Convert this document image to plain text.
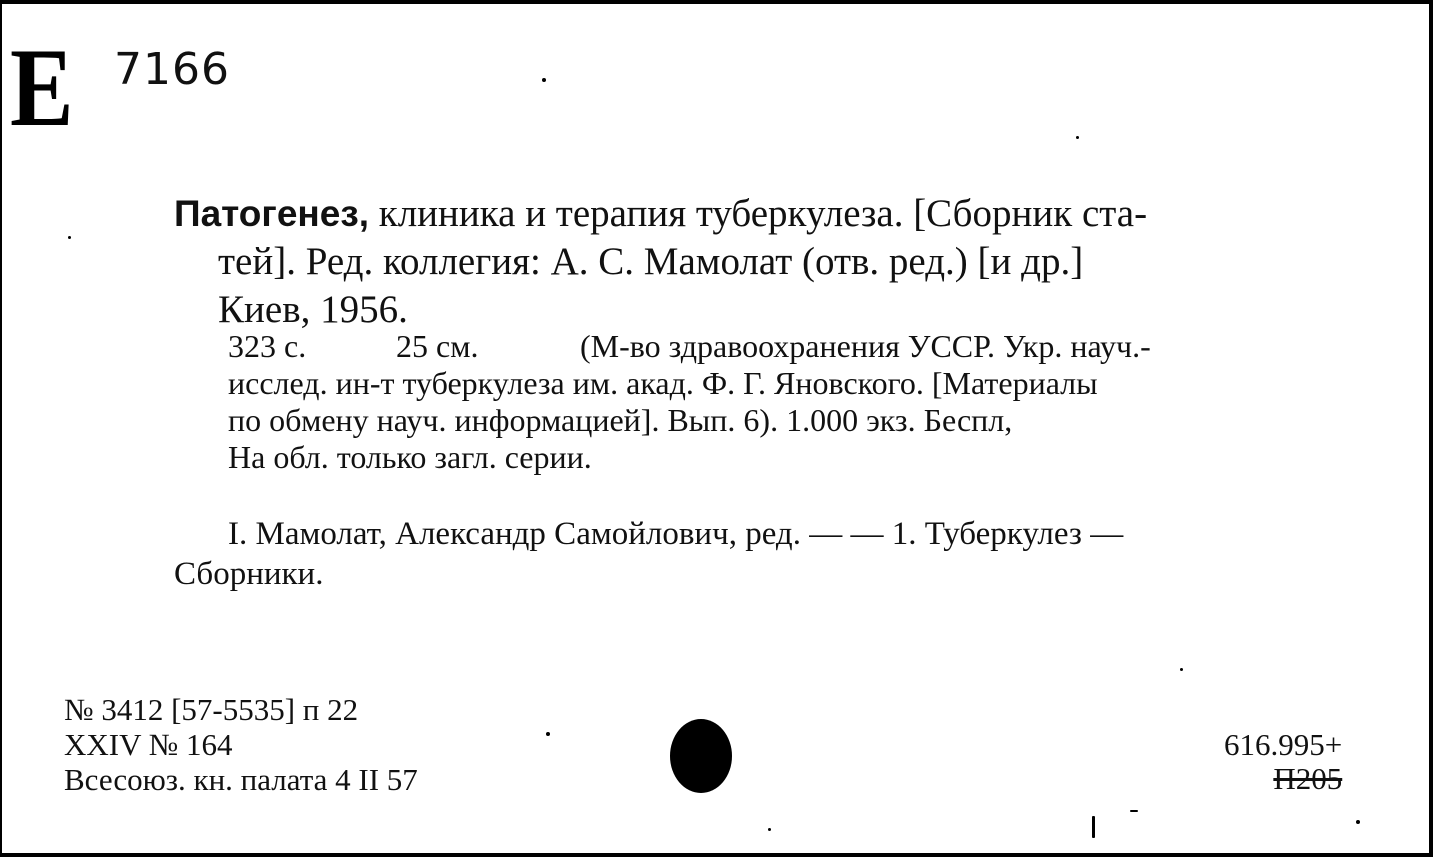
Е 7166
Патогенез, клиника и терапия туберкулеза. [Сборник ста-
тей]. Ред. коллегия: А. С. Мамолат (отв. ред.) [и др.]
Киев, 1956.
323 с.	25 см.	(М-во здравоохранения УССР. Укр. науч.-
исслед. ин-т туберкулеза им. акад. Ф. Г. Яновского. [Материалы
по обмену науч. информацией]. Вып. 6). 1.000 экз. Беспл,
На обл. только загл. серии.
I. Мамолат, Александр Самойлович, ред. — — 1. Туберкулез —
Сборники.
№ 3412 [57-5535] п 22
XXIV № 164
Всесоюз. кн. палата 4 II 57
616.995+
П205
